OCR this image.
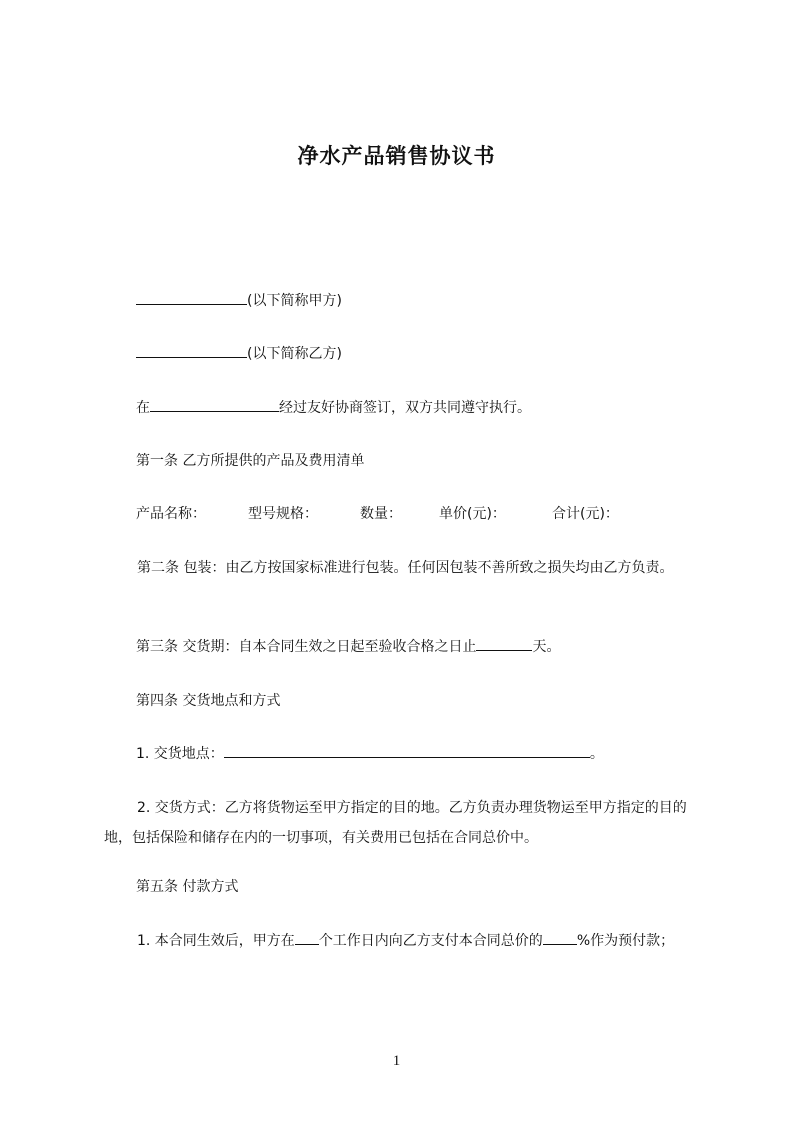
净水产品销售协议书
(以下简称甲方)
(以下简称乙方)
在	经过友好协商签订，双方共同遵守执行。
第一条 乙方所提供的产品及费用清单
产品名称：	型号规格：	数量：	单价(元)：	合计(元)：
第二条 包装：由乙方按国家标准进行包装。任何因包装不善所致之损失均由乙方负责。
第三条 交货期：自本合同生效之日起至验收合格之日止	天。
第四条 交货地点和方式
1. 交货地点：	。
2. 交货方式：乙方将货物运至甲方指定的目的地。乙方负责办理货物运至甲方指定的目的地，包括保险和储存在内的一切事项，有关费用已包括在合同总价中。
第五条 付款方式
1. 本合同生效后，甲方在 个工作日内向乙方支付本合同总价的 %作为预付款；
1
